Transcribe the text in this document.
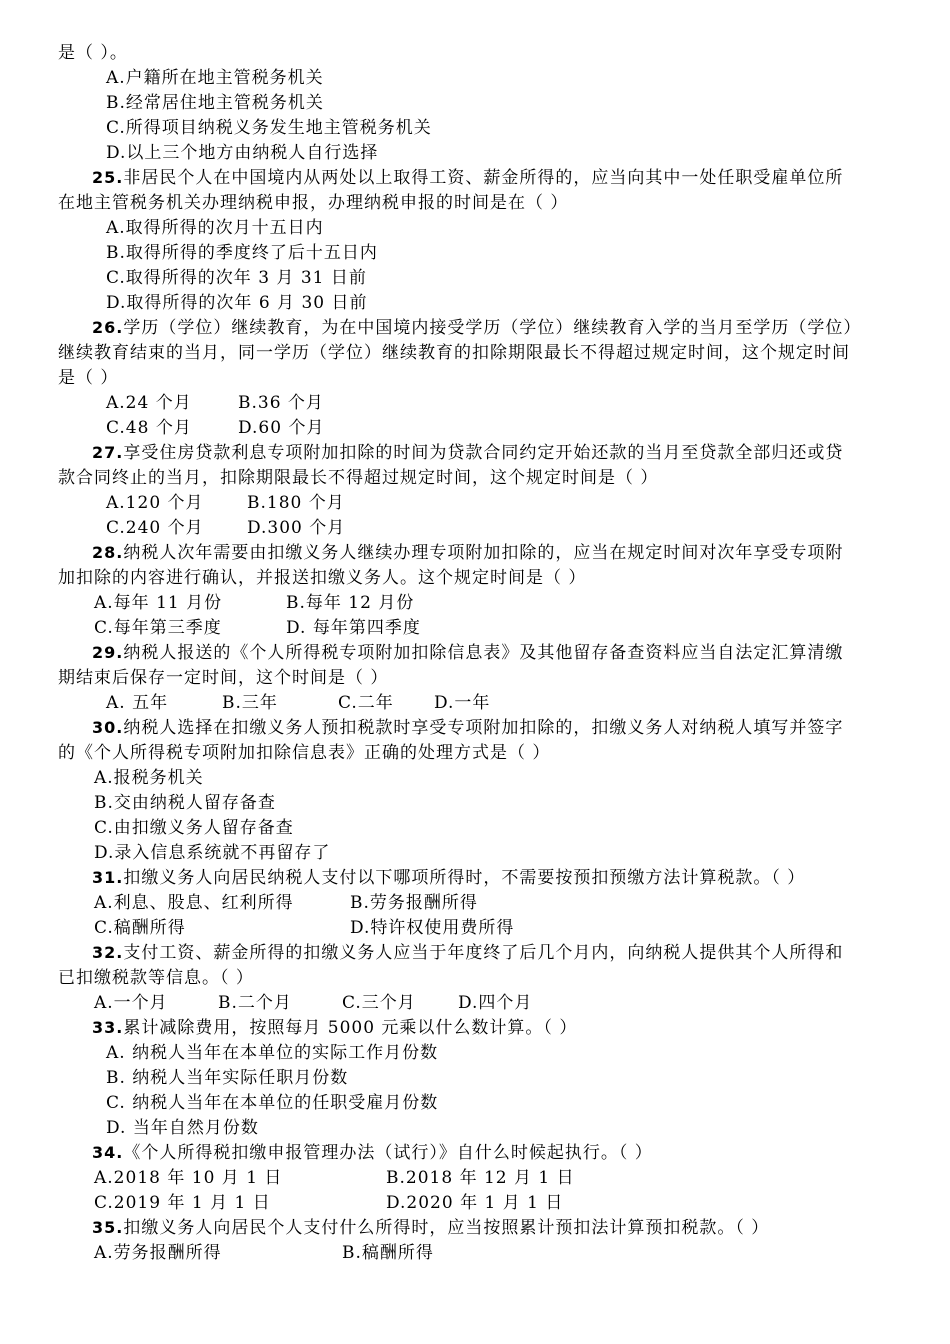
是（ ）。
A.户籍所在地主管税务机关
B.经常居住地主管税务机关
C.所得项目纳税义务发生地主管税务机关
D.以上三个地方由纳税人自行选择
25.非居民个人在中国境内从两处以上取得工资、薪金所得的，应当向其中一处任职受雇单位所
在地主管税务机关办理纳税申报，办理纳税申报的时间是在（ ）
A.取得所得的次月十五日内
B.取得所得的季度终了后十五日内
C.取得所得的次年 3 月 31 日前
D.取得所得的次年 6 月 30 日前
26.学历（学位）继续教育，为在中国境内接受学历（学位）继续教育入学的当月至学历（学位）
继续教育结束的当月，同一学历（学位）继续教育的扣除期限最长不得超过规定时间，这个规定时间
是（ ）
A.24 个月	B.36 个月
C.48 个月	D.60 个月
27.享受住房贷款利息专项附加扣除的时间为贷款合同约定开始还款的当月至贷款全部归还或贷
款合同终止的当月，扣除期限最长不得超过规定时间，这个规定时间是（ ）
A.120 个月	B.180 个月
C.240 个月	D.300 个月
28.纳税人次年需要由扣缴义务人继续办理专项附加扣除的，应当在规定时间对次年享受专项附
加扣除的内容进行确认，并报送扣缴义务人。这个规定时间是（ ）
A.每年 11 月份	B.每年 12 月份
C.每年第三季度	D. 每年第四季度
29.纳税人报送的《个人所得税专项附加扣除信息表》及其他留存备查资料应当自法定汇算清缴
期结束后保存一定时间，这个时间是（ ）
A. 五年	B.三年	C.二年 D.一年
30.纳税人选择在扣缴义务人预扣税款时享受专项附加扣除的，扣缴义务人对纳税人填写并签字
的《个人所得税专项附加扣除信息表》正确的处理方式是（ ）
A.报税务机关
B.交由纳税人留存备查
C.由扣缴义务人留存备查
D.录入信息系统就不再留存了
31.扣缴义务人向居民纳税人支付以下哪项所得时，不需要按预扣预缴方法计算税款。（ ）
A.利息、股息、红利所得	B.劳务报酬所得
C.稿酬所得	D.特许权使用费所得
32.支付工资、薪金所得的扣缴义务人应当于年度终了后几个月内，向纳税人提供其个人所得和
已扣缴税款等信息。（ ）
A.一个月	B.二个月	C.三个月 D.四个月
33.累计减除费用，按照每月 5000 元乘以什么数计算。（ ）
A. 纳税人当年在本单位的实际工作月份数
B. 纳税人当年实际任职月份数
C. 纳税人当年在本单位的任职受雇月份数
D. 当年自然月份数
34.《个人所得税扣缴申报管理办法（试行）》自什么时候起执行。（ ）
A.2018 年 10 月 1 日	B.2018 年 12 月 1 日
C.2019 年 1 月 1 日	D.2020 年 1 月 1 日
35.扣缴义务人向居民个人支付什么所得时，应当按照累计预扣法计算预扣税款。（ ）
A.劳务报酬所得	B.稿酬所得
